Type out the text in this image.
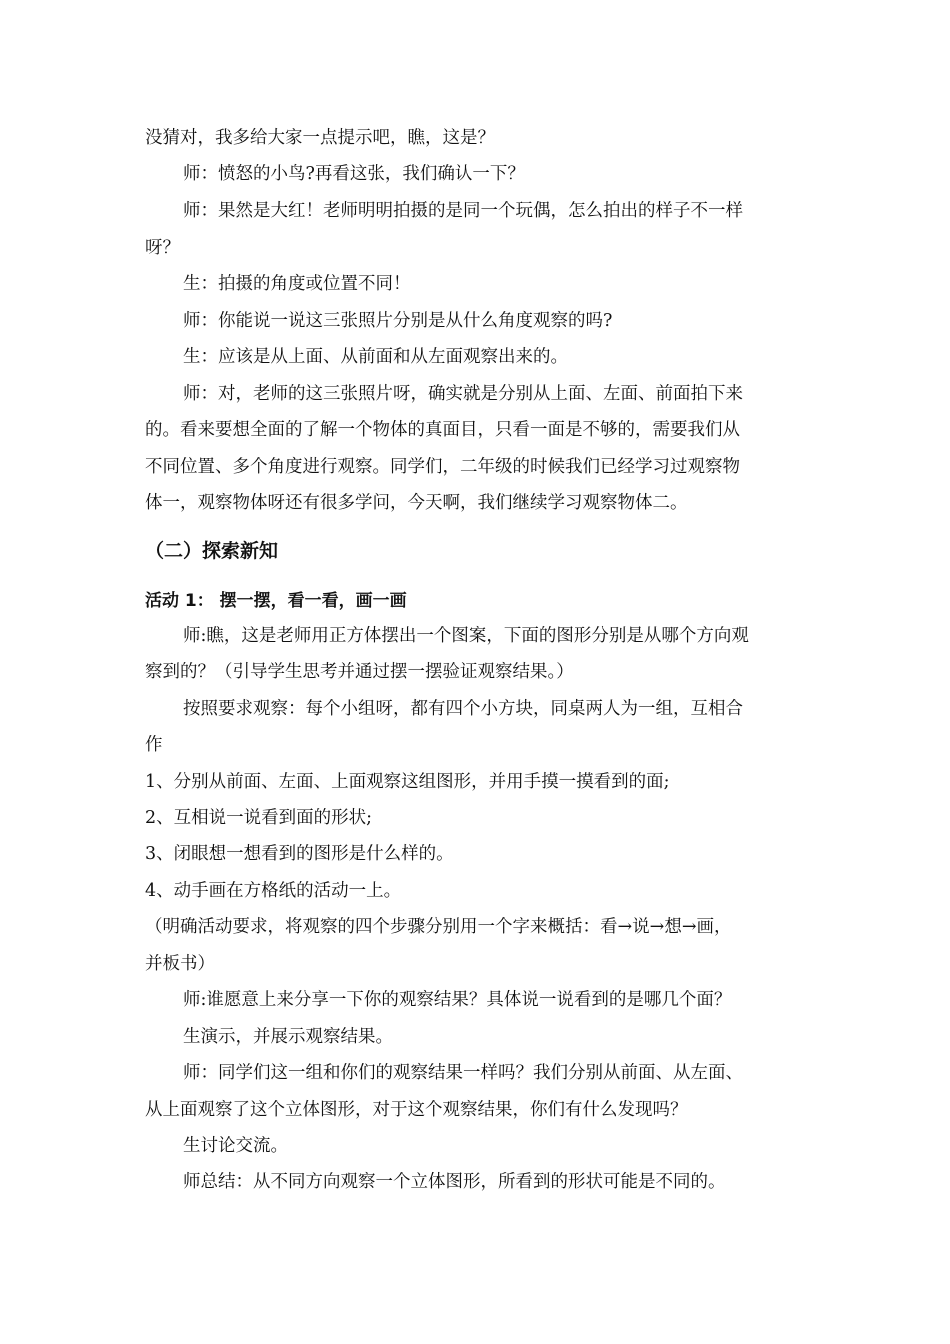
没猜对，我多给大家一点提示吧，瞧，这是？
师：愤怒的小鸟?再看这张，我们确认一下？
师：果然是大红！老师明明拍摄的是同一个玩偶，怎么拍出的样子不一样
呀？
生：拍摄的角度或位置不同！
师：你能说一说这三张照片分别是从什么角度观察的吗?
生：应该是从上面、从前面和从左面观察出来的。
师：对，老师的这三张照片呀，确实就是分别从上面、左面、前面拍下来
的。看来要想全面的了解一个物体的真面目，只看一面是不够的，需要我们从
不同位置、多个角度进行观察。同学们，二年级的时候我们已经学习过观察物
体一，观察物体呀还有很多学问，今天啊，我们继续学习观察物体二。
（二）探索新知
活动 1： 摆一摆，看一看，画一画
师:瞧，这是老师用正方体摆出一个图案，下面的图形分别是从哪个方向观
察到的？（引导学生思考并通过摆一摆验证观察结果。）
按照要求观察：每个小组呀，都有四个小方块，同桌两人为一组，互相合
作
1、分别从前面、左面、上面观察这组图形，并用手摸一摸看到的面;
2、互相说一说看到面的形状;
3、闭眼想一想看到的图形是什么样的。
4、动手画在方格纸的活动一上。
（明确活动要求，将观察的四个步骤分别用一个字来概括：看→说→想→画，
并板书）
师:谁愿意上来分享一下你的观察结果？具体说一说看到的是哪几个面？
生演示，并展示观察结果。
师：同学们这一组和你们的观察结果一样吗？我们分别从前面、从左面、
从上面观察了这个立体图形，对于这个观察结果，你们有什么发现吗？
生讨论交流。
师总结：从不同方向观察一个立体图形，所看到的形状可能是不同的。
